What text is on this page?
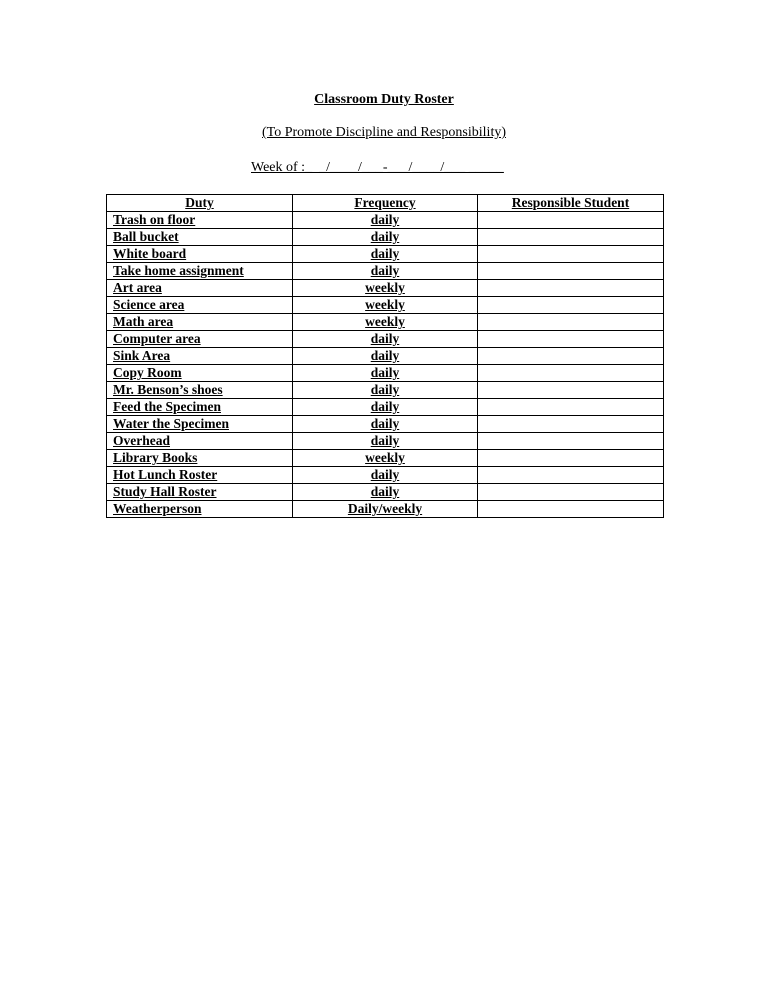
Classroom Duty Roster
(To Promote Discipline and Responsibility)
Week of :_  _/____/___-___/____/___ _____
Duty	Frequency	Responsible Student
Trash on floor	daily	
Ball bucket	daily	
White board	daily	
Take home assignment	daily	
Art area	weekly	
Science area	weekly	
Math area	weekly	
Computer area	daily	
Sink Area	daily	
Copy Room	daily	
Mr. Benson’s shoes	daily	
Feed the Specimen	daily	
Water the Specimen	daily	
Overhead	daily	
Library Books	weekly	
Hot Lunch Roster	daily	
Study Hall Roster	daily	
Weatherperson	Daily/weekly	
